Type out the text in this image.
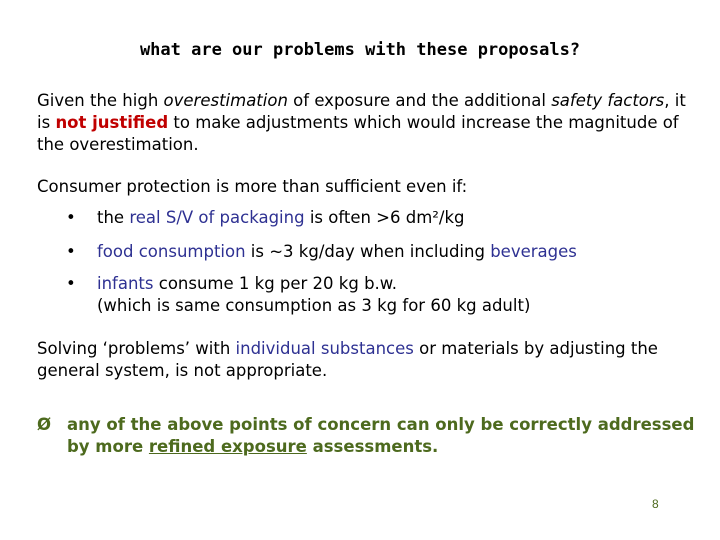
what are our problems with these proposals?
Given the high overestimation of exposure and the additional safety factors, it is not justified to make adjustments which would increase the magnitude of the overestimation.
Consumer protection is more than sufficient even if:
• the real S/V of packaging is often >6 dm²/kg
• food consumption is ~3 kg/day when including beverages
• infants consume 1 kg per 20 kg b.w.
(which is same consumption as 3 kg for 60 kg adult)
Solving ‘problems’ with individual substances or materials by adjusting the general system, is not appropriate.
Ø any of the above points of concern can only be correctly addressed by more refined exposure assessments.
8
